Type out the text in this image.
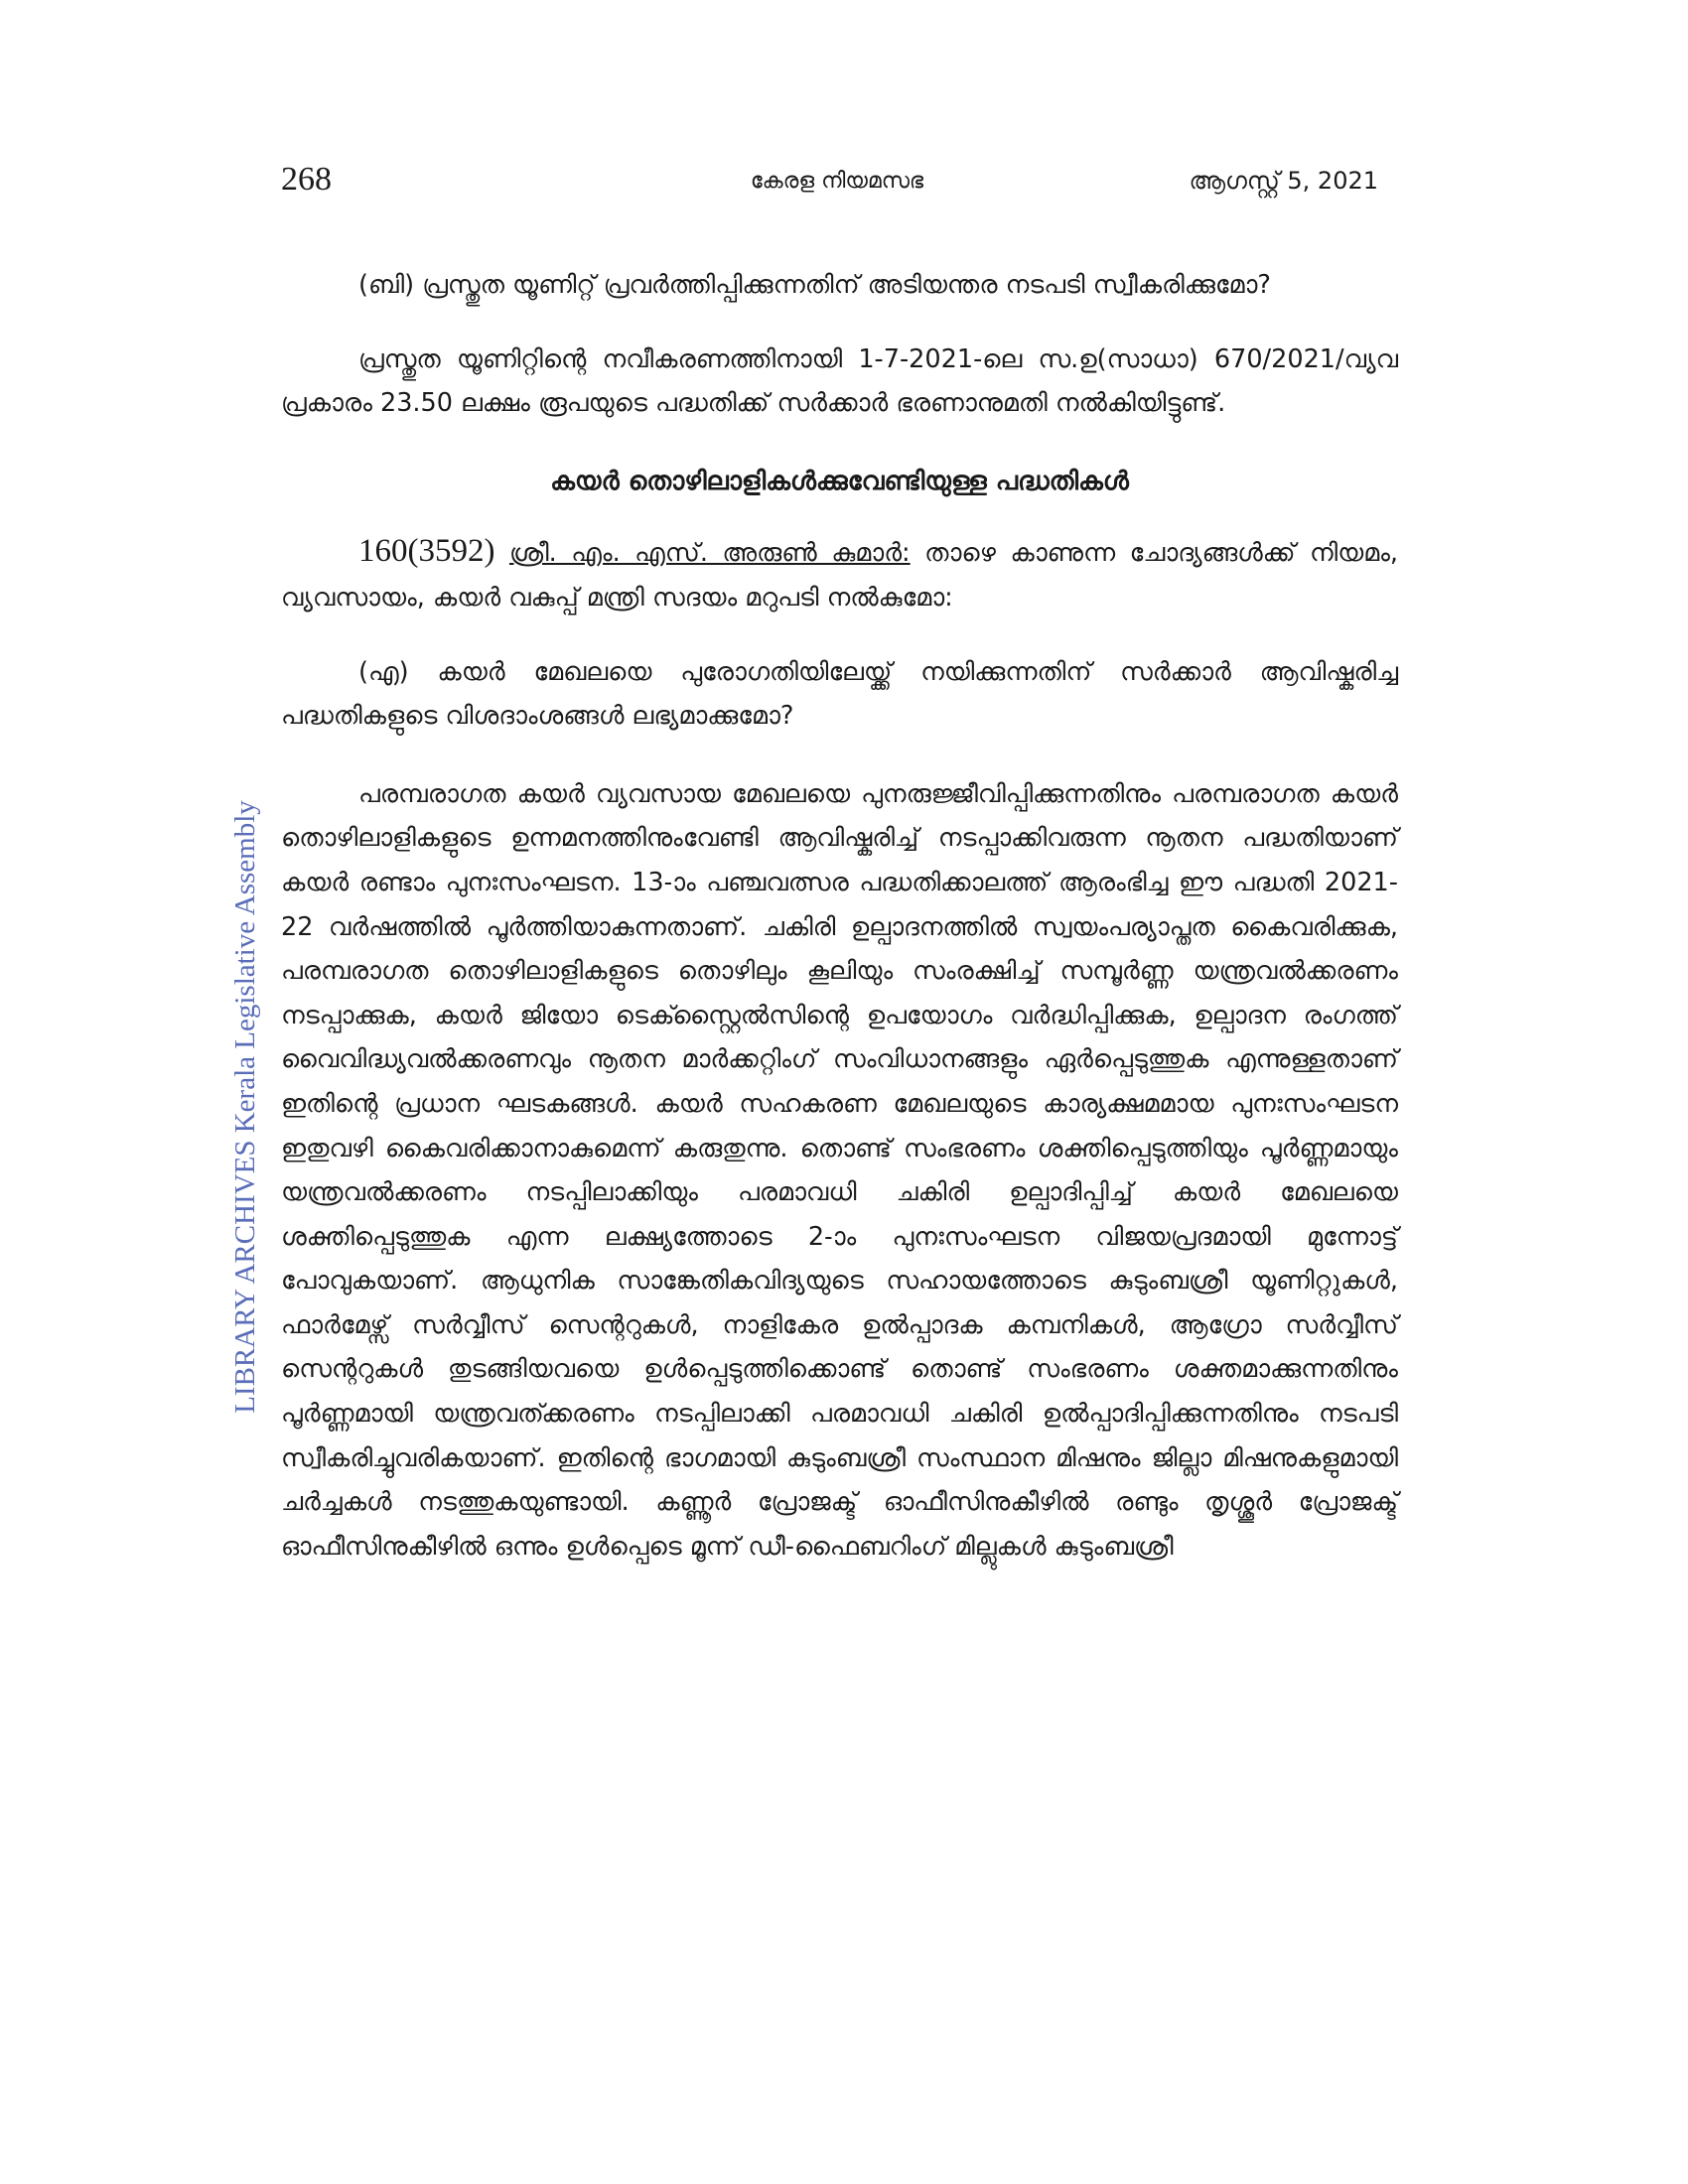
268	കേരള നിയമസഭ	ആഗസ്റ്റ് 5, 2021
LIBRARY ARCHIVES Kerala Legislative Assembly

(ബി) പ്രസ്തുത യൂണിറ്റ് പ്രവർത്തിപ്പിക്കുന്നതിന് അടിയന്തര നടപടി സ്വീകരിക്കുമോ?

പ്രസ്തുത യൂണിറ്റിന്റെ നവീകരണത്തിനായി 1-7-2021-ലെ സ.ഉ(സാധാ) 670/2021/വ്യവ പ്രകാരം 23.50 ലക്ഷം രൂപയുടെ പദ്ധതിക്ക് സർക്കാർ ഭരണാനുമതി നൽകിയിട്ടുണ്ട്.

കയർ തൊഴിലാളികൾക്കുവേണ്ടിയുള്ള പദ്ധതികൾ

160(3592) ശ്രീ. എം. എസ്. അരുൺ കുമാർ: താഴെ കാണുന്ന ചോദ്യങ്ങൾക്ക് നിയമം, വ്യവസായം, കയർ വകുപ്പ് മന്ത്രി സദയം മറുപടി നൽകുമോ:

(എ) കയർ മേഖലയെ പുരോഗതിയിലേയ്ക്ക് നയിക്കുന്നതിന് സർക്കാർ ആവിഷ്കരിച്ച പദ്ധതികളുടെ വിശദാംശങ്ങൾ ലഭ്യമാക്കുമോ?

പരമ്പരാഗത കയർ വ്യവസായ മേഖലയെ പുനരുജ്ജീവിപ്പിക്കുന്നതിനും പരമ്പരാഗത കയർ തൊഴിലാളികളുടെ ഉന്നമനത്തിനുംവേണ്ടി ആവിഷ്കരിച്ച് നടപ്പാക്കിവരുന്ന നൂതന പദ്ധതിയാണ് കയർ രണ്ടാം പുനഃസംഘടന. 13-ാം പഞ്ചവത്സര പദ്ധതിക്കാലത്ത് ആരംഭിച്ച ഈ പദ്ധതി 2021-22 വർഷത്തിൽ പൂർത്തിയാകുന്നതാണ്. ചകിരി ഉല്പാദനത്തിൽ സ്വയംപര്യാപ്തത കൈവരിക്കുക, പരമ്പരാഗത തൊഴിലാളികളുടെ തൊഴിലും കൂലിയും സംരക്ഷിച്ച് സമ്പൂർണ്ണ യന്ത്രവൽക്കരണം നടപ്പാക്കുക, കയർ ജിയോ ടെക്സ്റ്റൈൽസിന്റെ ഉപയോഗം വർദ്ധിപ്പിക്കുക, ഉല്പാദന രംഗത്ത് വൈവിദ്ധ്യവൽക്കരണവും നൂതന മാർക്കറ്റിംഗ് സംവിധാനങ്ങളും ഏർപ്പെടുത്തുക എന്നുള്ളതാണ് ഇതിന്റെ പ്രധാന ഘടകങ്ങൾ. കയർ സഹകരണ മേഖലയുടെ കാര്യക്ഷമമായ പുനഃസംഘടന ഇതുവഴി കൈവരിക്കാനാകുമെന്ന് കരുതുന്നു. തൊണ്ട് സംഭരണം ശക്തിപ്പെടുത്തിയും പൂർണ്ണമായും യന്ത്രവൽക്കരണം നടപ്പിലാക്കിയും പരമാവധി ചകിരി ഉല്പാദിപ്പിച്ച് കയർ മേഖലയെ ശക്തിപ്പെടുത്തുക എന്ന ലക്ഷ്യത്തോടെ 2-ാം പുനഃസംഘടന വിജയപ്രദമായി മുന്നോട്ട് പോവുകയാണ്. ആധുനിക സാങ്കേതികവിദ്യയുടെ സഹായത്തോടെ കുടുംബശ്രീ യൂണിറ്റുകൾ, ഫാർമേഴ്സ് സർവ്വീസ് സെന്ററുകൾ, നാളികേര ഉൽപ്പാദക കമ്പനികൾ, ആഗ്രോ സർവ്വീസ് സെന്ററുകൾ തുടങ്ങിയവയെ ഉൾപ്പെടുത്തിക്കൊണ്ട് തൊണ്ട് സംഭരണം ശക്തമാക്കുന്നതിനും പൂർണ്ണമായി യന്ത്രവത്ക്കരണം നടപ്പിലാക്കി പരമാവധി ചകിരി ഉൽപ്പാദിപ്പിക്കുന്നതിനും നടപടി സ്വീകരിച്ചുവരികയാണ്. ഇതിന്റെ ഭാഗമായി കുടുംബശ്രീ സംസ്ഥാന മിഷനും ജില്ലാ മിഷനുകളുമായി ചർച്ചകൾ നടത്തുകയുണ്ടായി. കണ്ണൂർ പ്രോജക്ട് ഓഫീസിനുകീഴിൽ രണ്ടും തൃശ്ശൂർ പ്രോജക്ട് ഓഫീസിനുകീഴിൽ ഒന്നും ഉൾപ്പെടെ മൂന്ന് ഡീ-ഫൈബറിംഗ് മില്ലുകൾ കുടുംബശ്രീ
